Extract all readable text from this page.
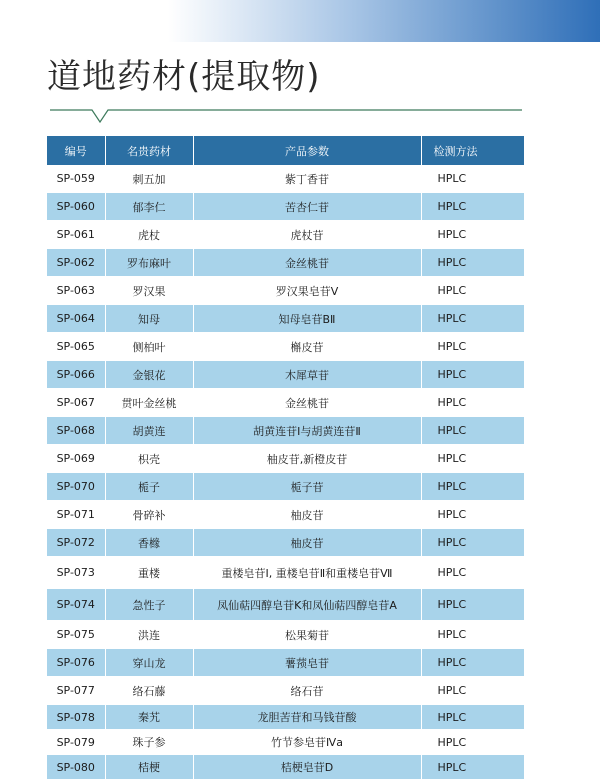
道地药材(提取物)
编号	名贵药材	产品参数	检测方法
SP-059	刺五加	紫丁香苷	HPLC
SP-060	郁李仁	苦杏仁苷	HPLC
SP-061	虎杖	虎杖苷	HPLC
SP-062	罗布麻叶	金丝桃苷	HPLC
SP-063	罗汉果	罗汉果皂苷V	HPLC
SP-064	知母	知母皂苷BⅡ	HPLC
SP-065	侧柏叶	槲皮苷	HPLC
SP-066	金银花	木犀草苷	HPLC
SP-067	贯叶金丝桃	金丝桃苷	HPLC
SP-068	胡黄连	胡黄连苷Ⅰ与胡黄连苷Ⅱ	HPLC
SP-069	枳壳	柚皮苷,新橙皮苷	HPLC
SP-070	栀子	栀子苷	HPLC
SP-071	骨碎补	柚皮苷	HPLC
SP-072	香橼	柚皮苷	HPLC
SP-073	重楼	重楼皂苷Ⅰ, 重楼皂苷Ⅱ和重楼皂苷Ⅶ	HPLC
SP-074	急性子	凤仙萜四醇皂苷K和凤仙萜四醇皂苷A	HPLC
SP-075	洪连	松果菊苷	HPLC
SP-076	穿山龙	薯蓣皂苷	HPLC
SP-077	络石藤	络石苷	HPLC
SP-078	秦艽	龙胆苦苷和马钱苷酸	HPLC
SP-079	珠子参	竹节参皂苷Ⅳa	HPLC
SP-080	桔梗	桔梗皂苷D	HPLC
